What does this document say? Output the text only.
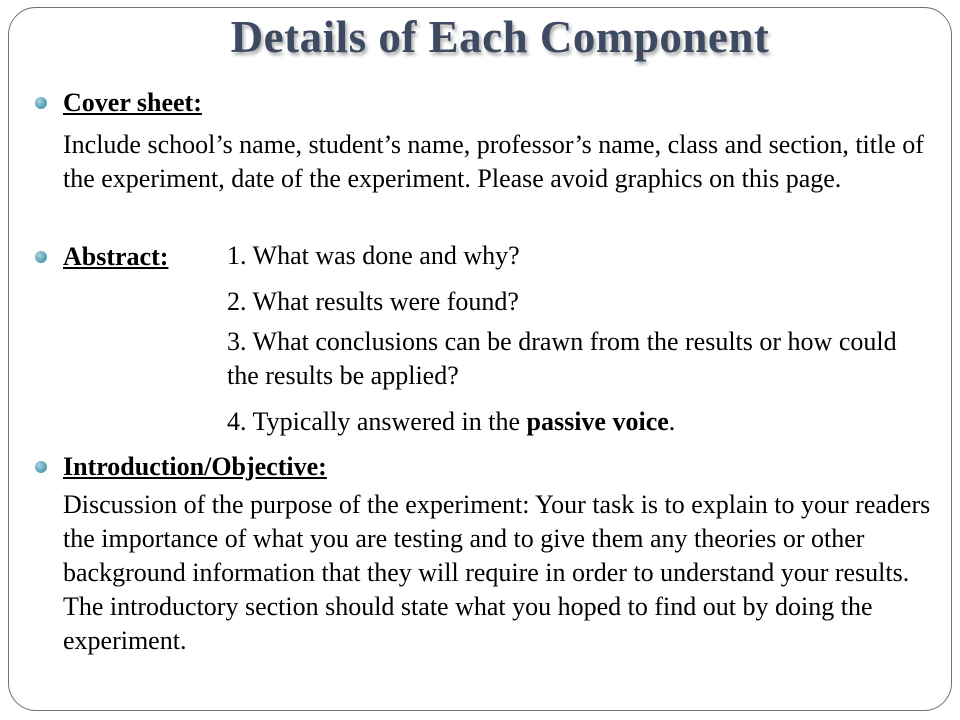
Details of Each Component
Cover sheet:

Include school’s name, student’s name, professor’s name, class and section, title of the experiment, date of the experiment. Please avoid graphics on this page.

Abstract: 1. What was done and why?

2. What results were found?

3. What conclusions can be drawn from the results or how could the results be applied?

4. Typically answered in the passive voice.

Introduction/Objective:

Discussion of the purpose of the experiment: Your task is to explain to your readers the importance of what you are testing and to give them any theories or other background information that they will require in order to understand your results. The introductory section should state what you hoped to find out by doing the experiment.
